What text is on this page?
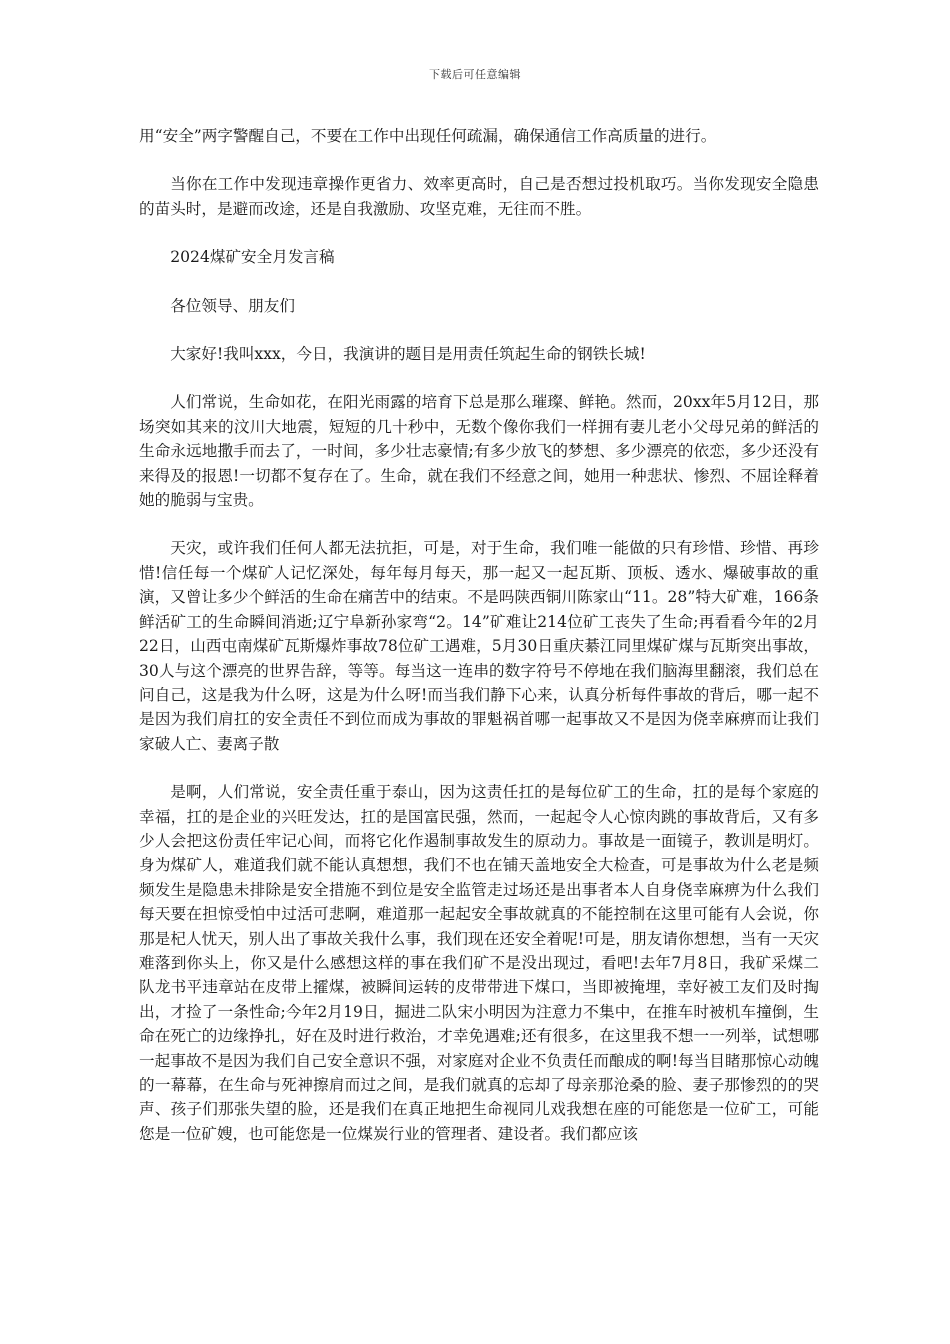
下载后可任意编辑

用“安全”两字警醒自己，不要在工作中出现任何疏漏，确保通信工作高质量的进行。

当你在工作中发现违章操作更省力、效率更高时，自己是否想过投机取巧。当你发现安全隐患的苗头时，是避而改途，还是自我激励、攻坚克难，无往而不胜。

2024煤矿安全月发言稿

各位领导、朋友们

大家好!我叫xxx，今日，我演讲的题目是用责任筑起生命的钢铁长城!

人们常说，生命如花，在阳光雨露的培育下总是那么璀璨、鲜艳。然而，20xx年5月12日，那场突如其来的汶川大地震，短短的几十秒中，无数个像你我们一样拥有妻儿老小父母兄弟的鲜活的生命永远地撒手而去了，一时间，多少壮志豪情;有多少放飞的梦想、多少漂亮的依恋，多少还没有来得及的报恩!一切都不复存在了。生命，就在我们不经意之间，她用一种悲状、惨烈、不屈诠释着她的脆弱与宝贵。

天灾，或许我们任何人都无法抗拒，可是，对于生命，我们唯一能做的只有珍惜、珍惜、再珍惜!信任每一个煤矿人记忆深处，每年每月每天，那一起又一起瓦斯、顶板、透水、爆破事故的重演，又曾让多少个鲜活的生命在痛苦中的结束。不是吗陕西铜川陈家山“11。28”特大矿难，166条鲜活矿工的生命瞬间消逝;辽宁阜新孙家弯“2。14”矿难让214位矿工丧失了生命;再看看今年的2月22日，山西屯南煤矿瓦斯爆炸事故78位矿工遇难，5月30日重庆綦江同里煤矿煤与瓦斯突出事故，30人与这个漂亮的世界告辞，等等。每当这一连串的数字符号不停地在我们脑海里翻滚，我们总在问自己，这是我为什么呀，这是为什么呀!而当我们静下心来，认真分析每件事故的背后，哪一起不是因为我们肩扛的安全责任不到位而成为事故的罪魁祸首哪一起事故又不是因为侥幸麻痹而让我们家破人亡、妻离子散

是啊，人们常说，安全责任重于泰山，因为这责任扛的是每位矿工的生命，扛的是每个家庭的幸福，扛的是企业的兴旺发达，扛的是国富民强，然而，一起起令人心惊肉跳的事故背后，又有多少人会把这份责任牢记心间，而将它化作遏制事故发生的原动力。事故是一面镜子，教训是明灯。身为煤矿人，难道我们就不能认真想想，我们不也在铺天盖地安全大检查，可是事故为什么老是频频发生是隐患未排除是安全措施不到位是安全监管走过场还是出事者本人自身侥幸麻痹为什么我们每天要在担惊受怕中过活可悲啊，难道那一起起安全事故就真的不能控制在这里可能有人会说，你那是杞人忧天，别人出了事故关我什么事，我们现在还安全着呢!可是，朋友请你想想，当有一天灾难落到你头上，你又是什么感想这样的事在我们矿不是没出现过，看吧!去年7月8日，我矿采煤二队龙书平违章站在皮带上攉煤，被瞬间运转的皮带带进下煤口，当即被掩埋，幸好被工友们及时掏出，才捡了一条性命;今年2月19日，掘进二队宋小明因为注意力不集中，在推车时被机车撞倒，生命在死亡的边缘挣扎，好在及时进行救治，才幸免遇难;还有很多，在这里我不想一一列举，试想哪一起事故不是因为我们自己安全意识不强，对家庭对企业不负责任而酿成的啊!每当目睹那惊心动魄的一幕幕，在生命与死神擦肩而过之间，是我们就真的忘却了母亲那沧桑的脸、妻子那惨烈的的哭声、孩子们那张失望的脸，还是我们在真正地把生命视同儿戏我想在座的可能您是一位矿工，可能您是一位矿嫂，也可能您是一位煤炭行业的管理者、建设者。我们都应该
